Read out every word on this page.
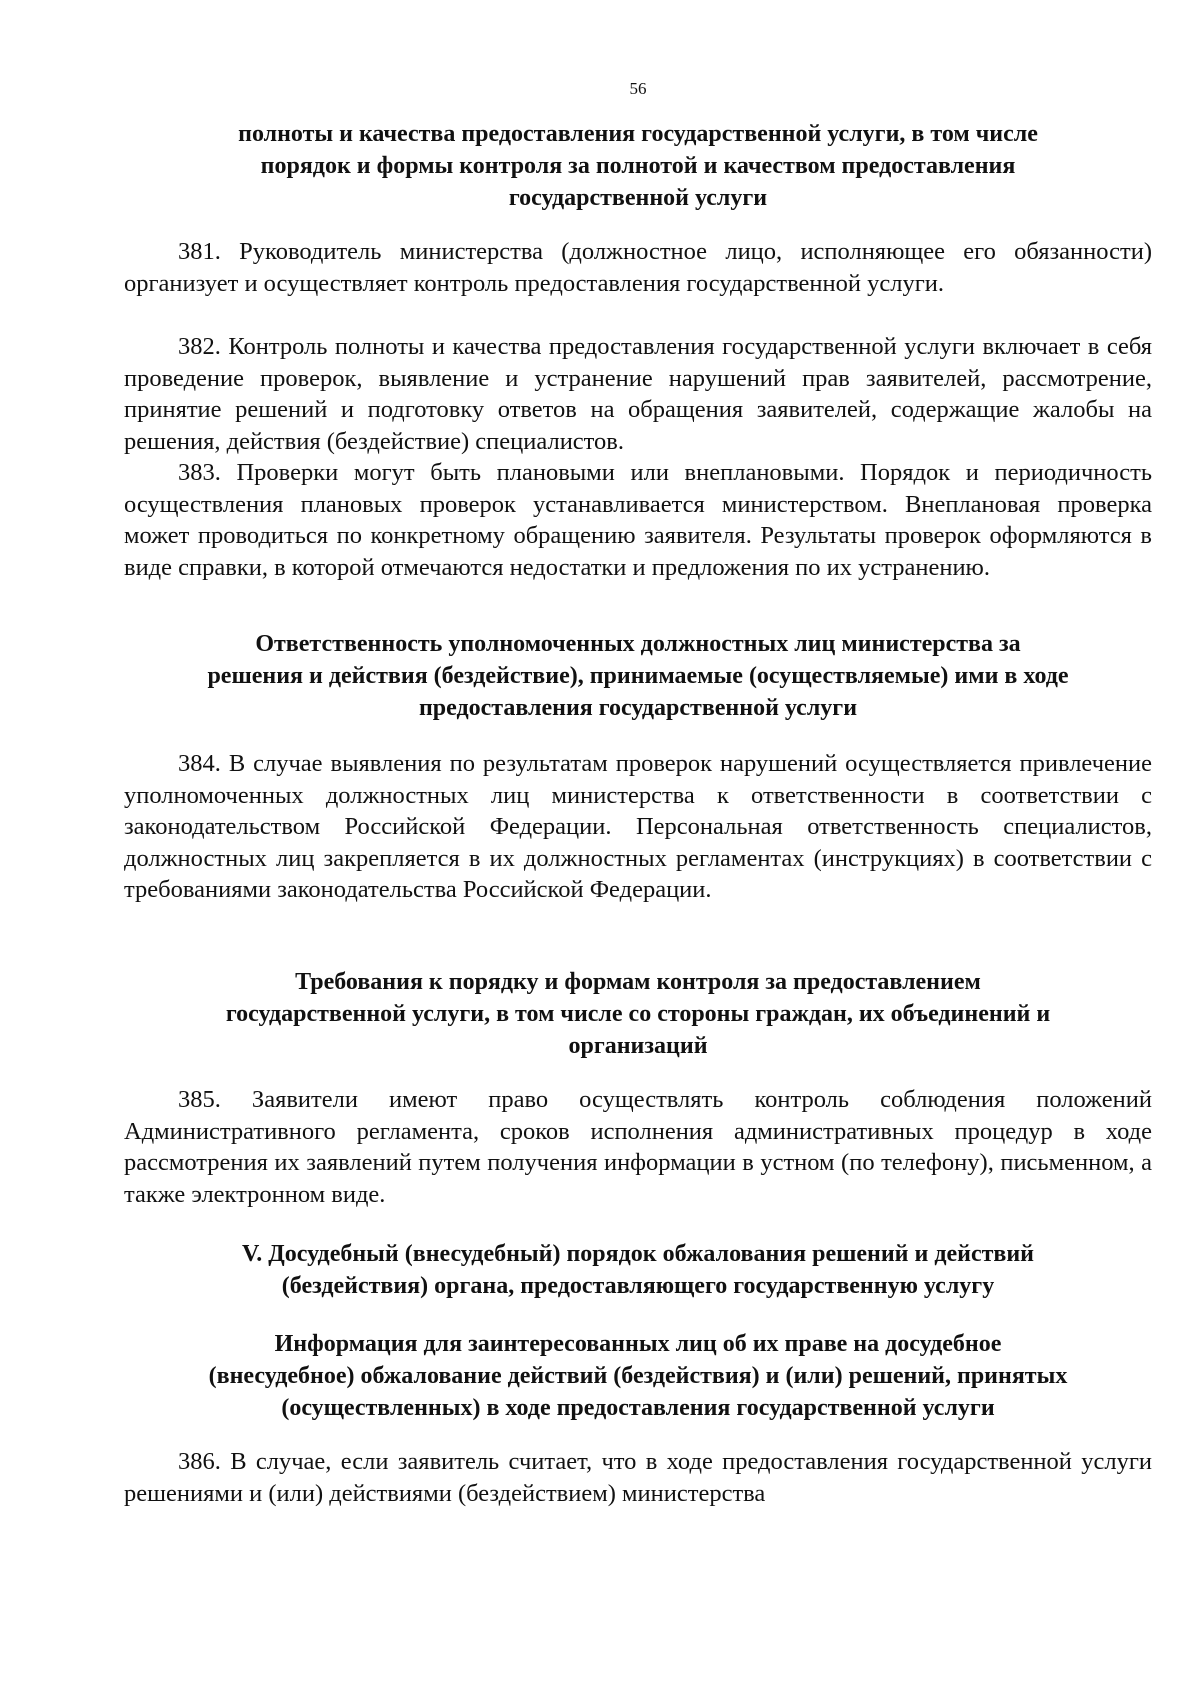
56
полноты и качества предоставления государственной услуги, в том числе
порядок и формы контроля за полнотой и качеством предоставления
государственной услуги
381. Руководитель министерства (должностное лицо, исполняющее его обязанности) организует и осуществляет контроль предоставления государственной услуги.
382. Контроль полноты и качества предоставления государственной услуги включает в себя проведение проверок, выявление и устранение нарушений прав заявителей, рассмотрение, принятие решений и подготовку ответов на обращения заявителей, содержащие жалобы на решения, действия (бездействие) специалистов.
383. Проверки могут быть плановыми или внеплановыми. Порядок и периодичность осуществления плановых проверок устанавливается министерством. Внеплановая проверка может проводиться по конкретному обращению заявителя. Результаты проверок оформляются в виде справки, в которой отмечаются недостатки и предложения по их устранению.
Ответственность уполномоченных должностных лиц министерства за
решения и действия (бездействие), принимаемые (осуществляемые) ими в ходе
предоставления государственной услуги
384. В случае выявления по результатам проверок нарушений осуществляется привлечение уполномоченных должностных лиц министерства к ответственности в соответствии с законодательством Российской Федерации. Персональная ответственность специалистов, должностных лиц закрепляется в их должностных регламентах (инструкциях) в соответствии с требованиями законодательства Российской Федерации.
Требования к порядку и формам контроля за предоставлением
государственной услуги, в том числе со стороны граждан, их объединений и
организаций
385. Заявители имеют право осуществлять контроль соблюдения положений Административного регламента, сроков исполнения административных процедур в ходе рассмотрения их заявлений путем получения информации в устном (по телефону), письменном, а также электронном виде.
V. Досудебный (внесудебный) порядок обжалования решений и действий
(бездействия) органа, предоставляющего государственную услугу
Информация для заинтересованных лиц об их праве на досудебное
(внесудебное) обжалование действий (бездействия) и (или) решений, принятых
(осуществленных) в ходе предоставления государственной услуги
386. В случае, если заявитель считает, что в ходе предоставления государственной услуги решениями и (или) действиями (бездействием) министерства
